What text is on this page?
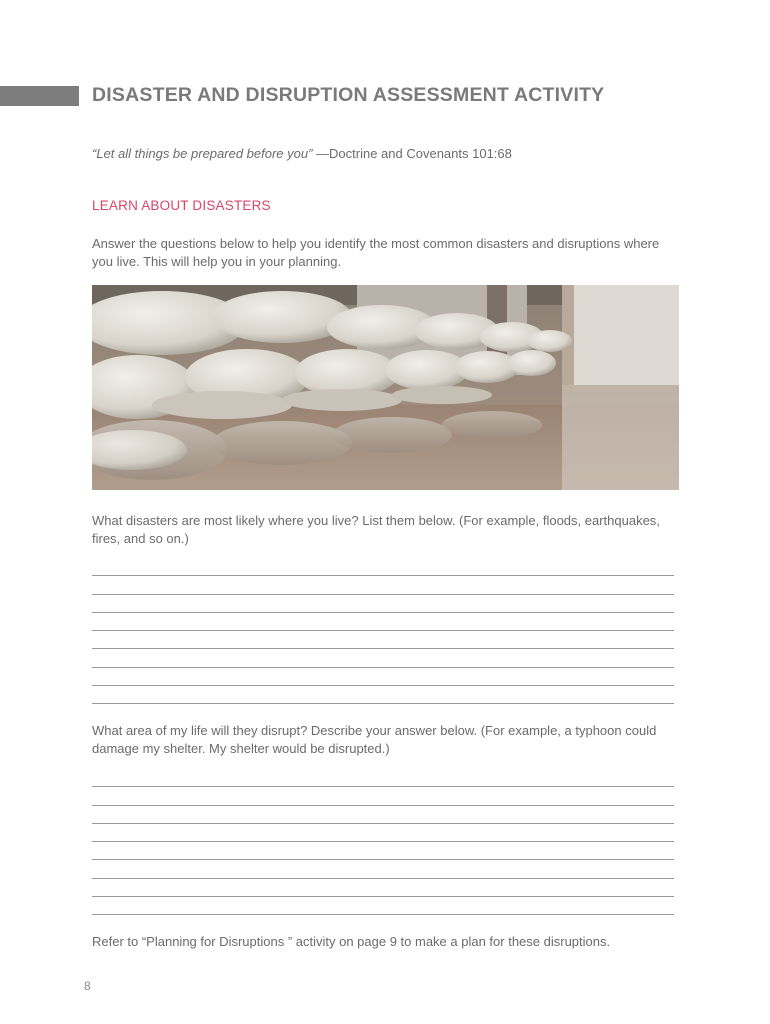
DISASTER AND DISRUPTION ASSESSMENT ACTIVITY
“Let all things be prepared before you” —Doctrine and Covenants 101:68
LEARN ABOUT DISASTERS
Answer the questions below to help you identify the most common disasters and disruptions where you live. This will help you in your planning.
What disasters are most likely where you live? List them below. (For example, floods, earthquakes, fires, and so on.)
What area of my life will they disrupt? Describe your answer below. (For example, a typhoon could damage my shelter. My shelter would be disrupted.)
Refer to “Planning for Disruptions ” activity on page 9 to make a plan for these disruptions.
8
